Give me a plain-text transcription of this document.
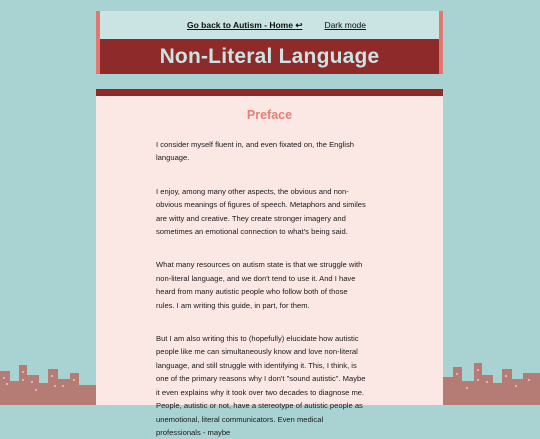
Go back to Autism - Home ↩	Dark mode
Non-Literal Language
Preface

I consider myself fluent in, and even fixated on, the English language.

I enjoy, among many other aspects, the obvious and non-obvious meanings of figures of speech. Metaphors and similes are witty and creative. They create stronger imagery and sometimes an emotional connection to what's being said.

What many resources on autism state is that we struggle with non-literal language, and we don't tend to use it. And I have heard from many autistic people who follow both of those rules. I am writing this guide, in part, for them.

But I am also writing this to (hopefully) elucidate how autistic people like me can simultaneously know and love non-literal language, and still struggle with identifying it. This, I think, is one of the primary reasons why I don't "sound autistic". Maybe it even explains why it took over two decades to diagnose me. People, autistic or not, have a stereotype of autistic people as unemotional, literal communicators. Even medical professionals - maybe
